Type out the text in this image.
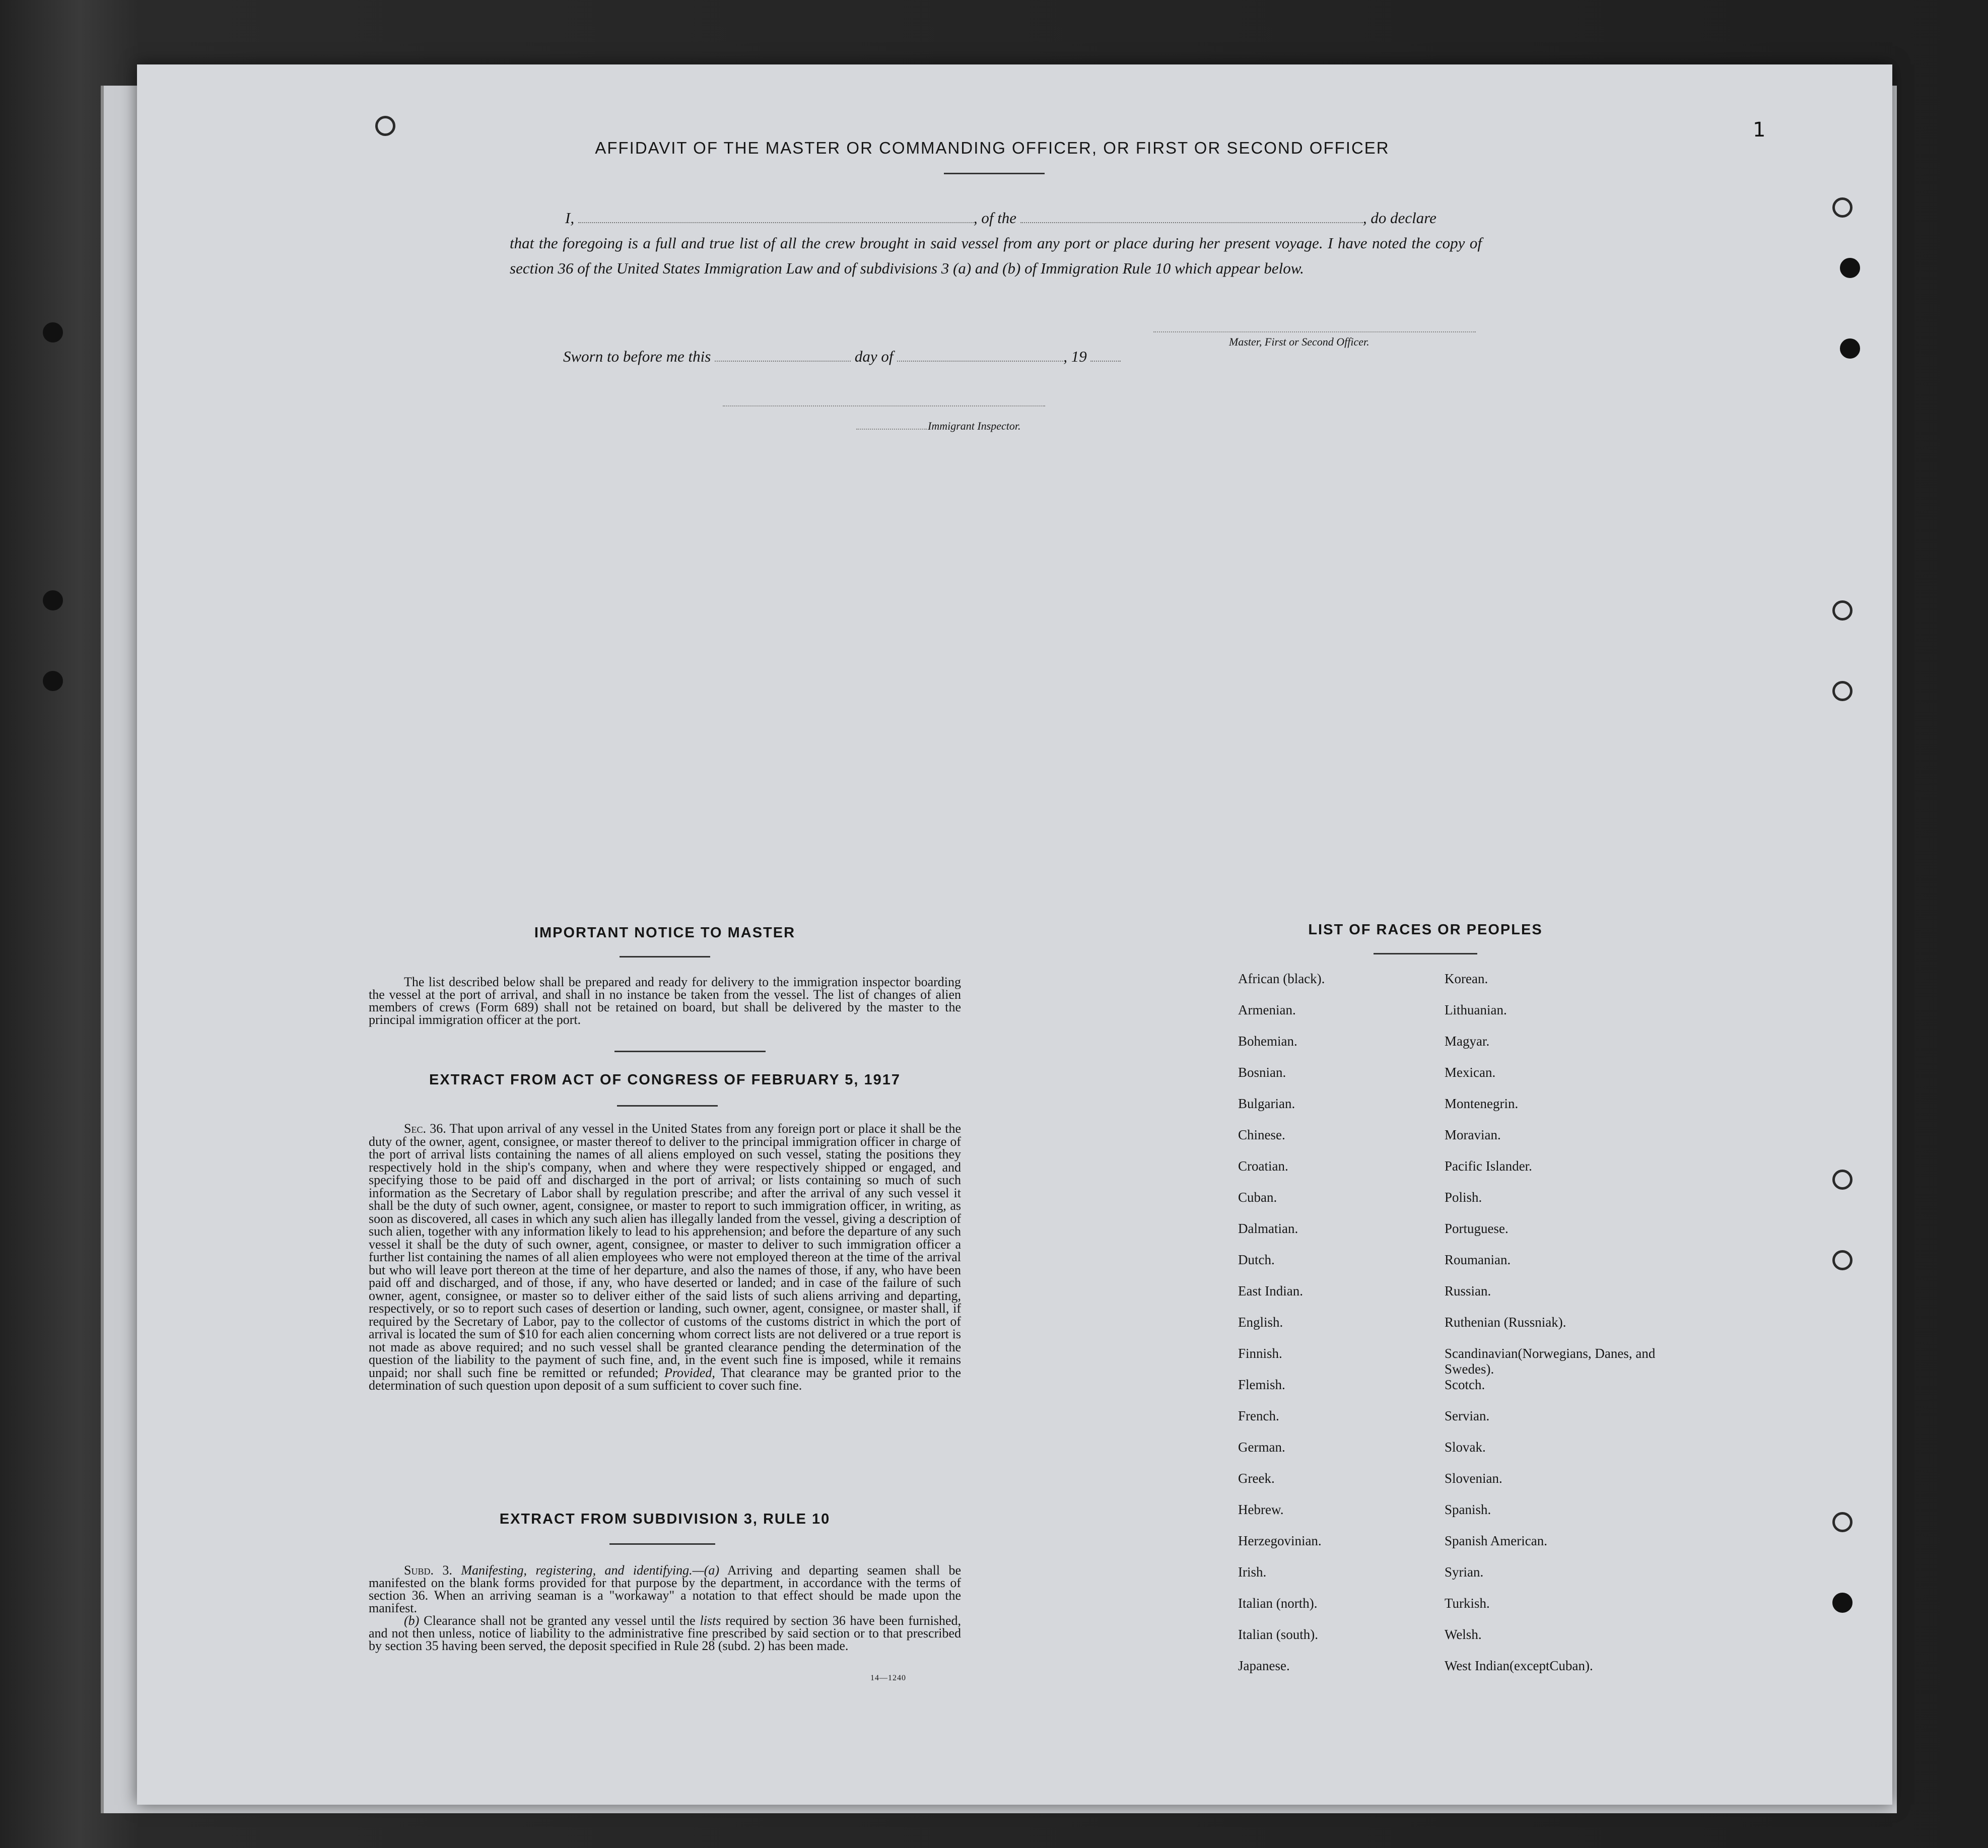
1
AFFIDAVIT OF THE MASTER OR COMMANDING OFFICER, OR FIRST OR SECOND OFFICER
I,	, of the	, do declare
that the foregoing is a full and true list of all the crew brought in said vessel from any port or place during her present voyage. I have noted the copy of section 36 of the United States Immigration Law and of subdivisions 3 (a) and (b) of Immigration Rule 10 which appear below.
Master, First or Second Officer.
Sworn to before me this	day of	, 19
Immigrant Inspector.
IMPORTANT NOTICE TO MASTER
The list described below shall be prepared and ready for delivery to the immigration inspector boarding the vessel at the port of arrival, and shall in no instance be taken from the vessel. The list of changes of alien members of crews (Form 689) shall not be retained on board, but shall be delivered by the master to the principal immigration officer at the port.
EXTRACT FROM ACT OF CONGRESS OF FEBRUARY 5, 1917
Sec. 36. That upon arrival of any vessel in the United States from any foreign port or place it shall be the duty of the owner, agent, consignee, or master thereof to deliver to the principal immigration officer in charge of the port of arrival lists containing the names of all aliens employed on such vessel, stating the positions they respectively hold in the ship's company, when and where they were respectively shipped or engaged, and specifying those to be paid off and discharged in the port of arrival; or lists containing so much of such information as the Secretary of Labor shall by regulation prescribe; and after the arrival of any such vessel it shall be the duty of such owner, agent, consignee, or master to report to such immigration officer, in writing, as soon as discovered, all cases in which any such alien has illegally landed from the vessel, giving a description of such alien, together with any information likely to lead to his apprehension; and before the departure of any such vessel it shall be the duty of such owner, agent, consignee, or master to deliver to such immigration officer a further list containing the names of all alien employees who were not employed thereon at the time of the arrival but who will leave port thereon at the time of her departure, and also the names of those, if any, who have been paid off and discharged, and of those, if any, who have deserted or landed; and in case of the failure of such owner, agent, consignee, or master so to deliver either of the said lists of such aliens arriving and departing, respectively, or so to report such cases of desertion or landing, such owner, agent, consignee, or master shall, if required by the Secretary of Labor, pay to the collector of customs of the customs district in which the port of arrival is located the sum of $10 for each alien concerning whom correct lists are not delivered or a true report is not made as above required; and no such vessel shall be granted clearance pending the determination of the question of the liability to the payment of such fine, and, in the event such fine is imposed, while it remains unpaid; nor shall such fine be remitted or refunded; Provided, That clearance may be granted prior to the determination of such question upon deposit of a sum sufficient to cover such fine.
EXTRACT FROM SUBDIVISION 3, RULE 10
Subd. 3. Manifesting, registering, and identifying.—(a) Arriving and departing seamen shall be manifested on the blank forms provided for that purpose by the department, in accordance with the terms of section 36. When an arriving seaman is a "workaway" a notation to that effect should be made upon the manifest.
(b) Clearance shall not be granted any vessel until the lists required by section 36 have been furnished, and not then unless, notice of liability to the administrative fine prescribed by said section or to that prescribed by section 35 having been served, the deposit specified in Rule 28 (subd. 2) has been made.
14—1240
LIST OF RACES OR PEOPLES
African (black).
Armenian.
Bohemian.
Bosnian.
Bulgarian.
Chinese.
Croatian.
Cuban.
Dalmatian.
Dutch.
East Indian.
English.
Finnish.
Flemish.
French.
German.
Greek.
Hebrew.
Herzegovinian.
Irish.
Italian (north).
Italian (south).
Japanese.
Korean.
Lithuanian.
Magyar.
Mexican.
Montenegrin.
Moravian.
Pacific Islander.
Polish.
Portuguese.
Roumanian.
Russian.
Ruthenian (Russniak).
Scandinavian(Norwegians, Danes, and Swedes).
Scotch.
Servian.
Slovak.
Slovenian.
Spanish.
Spanish American.
Syrian.
Turkish.
Welsh.
West Indian(exceptCuban).
